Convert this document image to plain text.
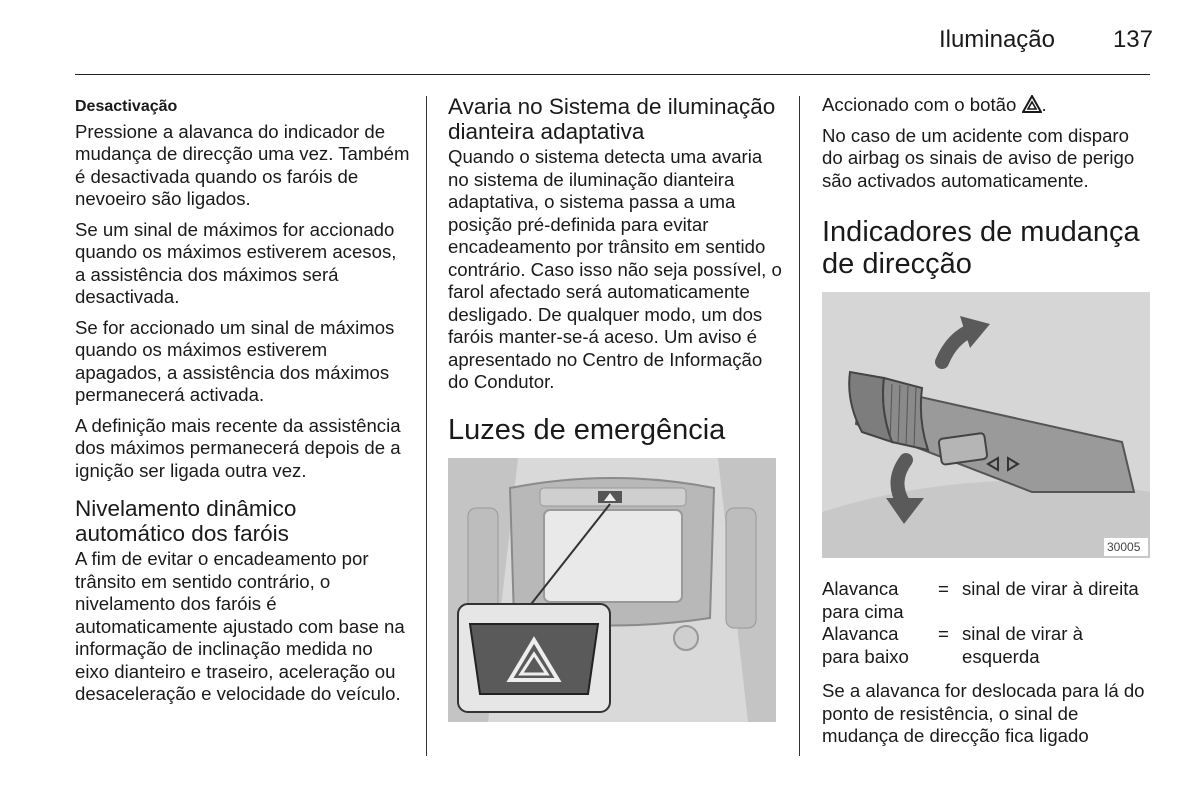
Iluminação	137
Desactivação

Pressione a alavanca do indicador de mudança de direcção uma vez. Também é desactivada quando os faróis de nevoeiro são ligados.

Se um sinal de máximos for accionado quando os máximos estiverem acesos, a assistência dos máximos será desactivada.

Se for accionado um sinal de máximos quando os máximos estiverem apagados, a assistência dos máximos permanecerá activada.

A definição mais recente da assistência dos máximos permanecerá depois de a ignição ser ligada outra vez.

Nivelamento dinâmico automático dos faróis

A fim de evitar o encadeamento por trânsito em sentido contrário, o nivelamento dos faróis é automaticamente ajustado com base na informação de inclinação medida no eixo dianteiro e traseiro, aceleração ou desaceleração e velocidade do veículo.

Avaria no Sistema de iluminação dianteira adaptativa

Quando o sistema detecta uma avaria no sistema de iluminação dianteira adaptativa, o sistema passa a uma posição pré-definida para evitar encadeamento por trânsito em sentido contrário. Caso isso não seja possível, o farol afectado será automaticamente desligado. De qualquer modo, um dos faróis manter-se-á aceso. Um aviso é apresentado no Centro de Informação do Condutor.

Luzes de emergência

Accionado com o botão .

No caso de um acidente com disparo do airbag os sinais de aviso de perigo são activados automaticamente.

Indicadores de mudança de direcção
30005
Alavanca para cima	=	sinal de virar à direita
Alavanca para baixo	=	sinal de virar à esquerda

Se a alavanca for deslocada para lá do ponto de resistência, o sinal de mudança de direcção fica ligado
